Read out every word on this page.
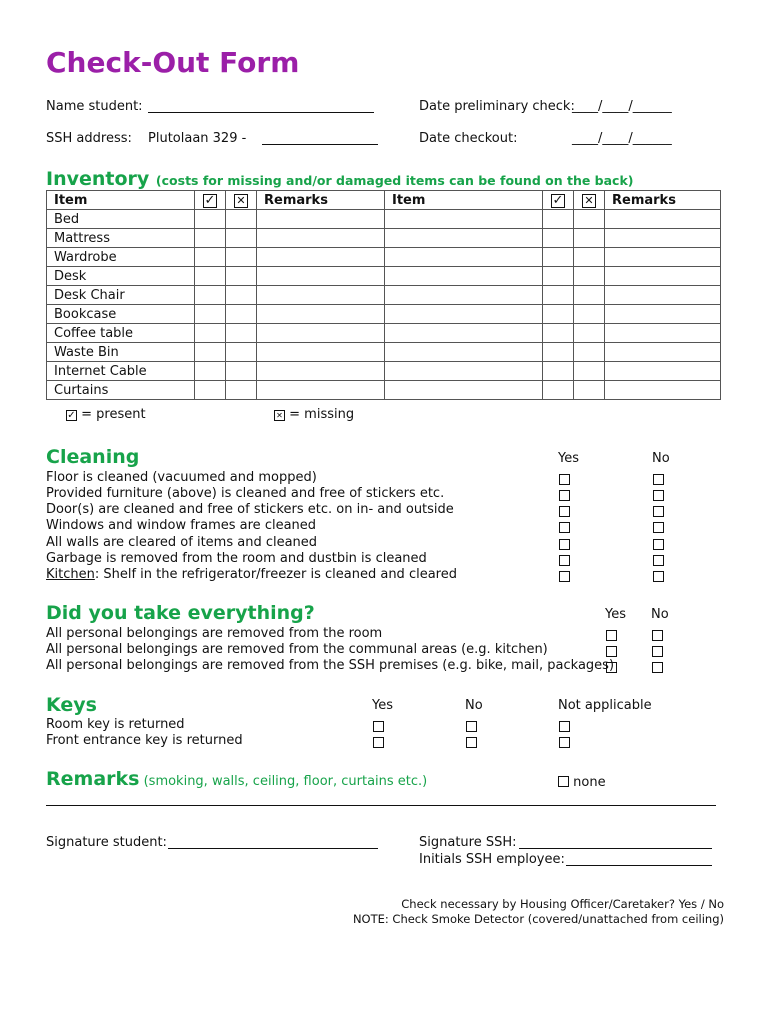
Check-Out Form
Name student:	Date preliminary check:
____/____/______
SSH address: Plutolaan 329 -	Date checkout:	____/____/______
Inventory (costs for missing and/or damaged items can be found on the back)
Item	✓	✕	Remarks	Item	✓	✕	Remarks
Bed							
Mattress							
Wardrobe							
Desk							
Desk Chair							
Bookcase							
Coffee table							
Waste Bin							
Internet Cable							
Curtains							
✓ = present	✕ = missing
Cleaning	Yes	No
Floor is cleaned (vacuumed and mopped)
Provided furniture (above) is cleaned and free of stickers etc.
Door(s) are cleaned and free of stickers etc. on in- and outside
Windows and window frames are cleaned
All walls are cleared of items and cleaned
Garbage is removed from the room and dustbin is cleaned
Kitchen: Shelf in the refrigerator/freezer is cleaned and cleared
Did you take everything?	Yes No
All personal belongings are removed from the room
All personal belongings are removed from the communal areas (e.g. kitchen)
All personal belongings are removed from the SSH premises (e.g. bike, mail, packages)
Keys	Yes	No	Not applicable
Room key is returned
Front entrance key is returned
Remarks (smoking, walls, ceiling, floor, curtains etc.)	none
Signature student:	Signature SSH:
Initials SSH employee:
Check necessary by Housing Officer/Caretaker? Yes / No
NOTE: Check Smoke Detector (covered/unattached from ceiling)
